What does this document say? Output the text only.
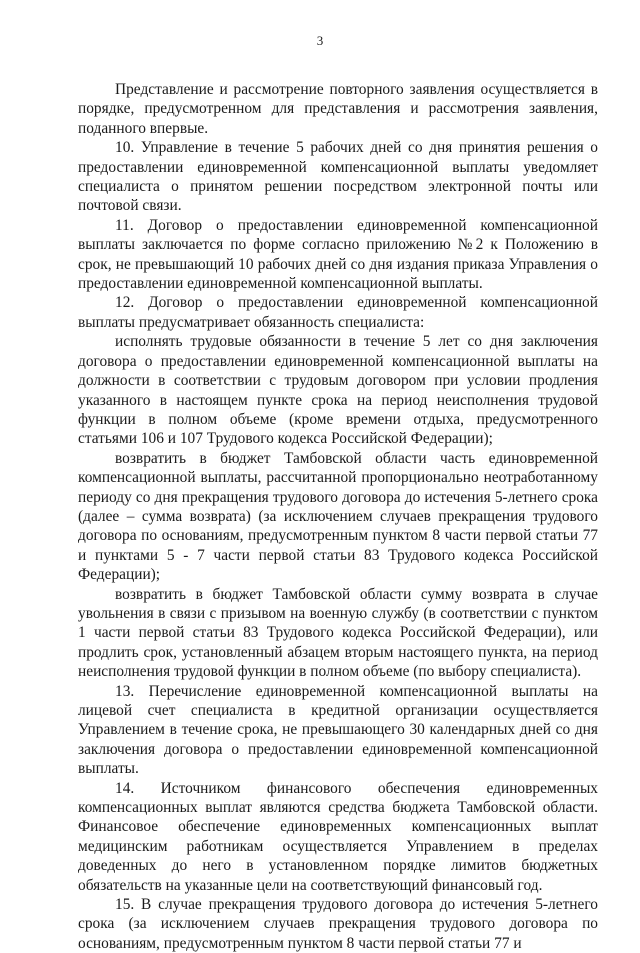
3

Представление и рассмотрение повторного заявления осуществляется в порядке, предусмотренном для представления и рассмотрения заявления, поданного впервые.

10. Управление в течение 5 рабочих дней со дня принятия решения о предоставлении единовременной компенсационной выплаты уведомляет специалиста о принятом решении посредством электронной почты или почтовой связи.

11. Договор о предоставлении единовременной компенсационной выплаты заключается по форме согласно приложению №2 к Положению в срок, не превышающий 10 рабочих дней со дня издания приказа Управления о предоставлении единовременной компенсационной выплаты.

12. Договор о предоставлении единовременной компенсационной выплаты предусматривает обязанность специалиста:

исполнять трудовые обязанности в течение 5 лет со дня заключения договора о предоставлении единовременной компенсационной выплаты на должности в соответствии с трудовым договором при условии продления указанного в настоящем пункте срока на период неисполнения трудовой функции в полном объеме (кроме времени отдыха, предусмотренного статьями 106 и 107 Трудового кодекса Российской Федерации);

возвратить в бюджет Тамбовской области часть единовременной компенсационной выплаты, рассчитанной пропорционально неотработанному периоду со дня прекращения трудового договора до истечения 5-летнего срока (далее – сумма возврата) (за исключением случаев прекращения трудового договора по основаниям, предусмотренным пунктом 8 части первой статьи 77 и пунктами 5 - 7 части первой статьи 83 Трудового кодекса Российской Федерации);

возвратить в бюджет Тамбовской области сумму возврата в случае увольнения в связи с призывом на военную службу (в соответствии с пунктом 1 части первой статьи 83 Трудового кодекса Российской Федерации), или продлить срок, установленный абзацем вторым настоящего пункта, на период неисполнения трудовой функции в полном объеме (по выбору специалиста).

13. Перечисление единовременной компенсационной выплаты на лицевой счет специалиста в кредитной организации осуществляется Управлением в течение срока, не превышающего 30 календарных дней со дня заключения договора о предоставлении единовременной компенсационной выплаты.

14. Источником финансового обеспечения единовременных компенсационных выплат являются средства бюджета Тамбовской области. Финансовое обеспечение единовременных компенсационных выплат медицинским работникам осуществляется Управлением в пределах доведенных до него в установленном порядке лимитов бюджетных обязательств на указанные цели на соответствующий финансовый год.

15. В случае прекращения трудового договора до истечения 5-летнего срока (за исключением случаев прекращения трудового договора по основаниям, предусмотренным пунктом 8 части первой статьи 77 и
